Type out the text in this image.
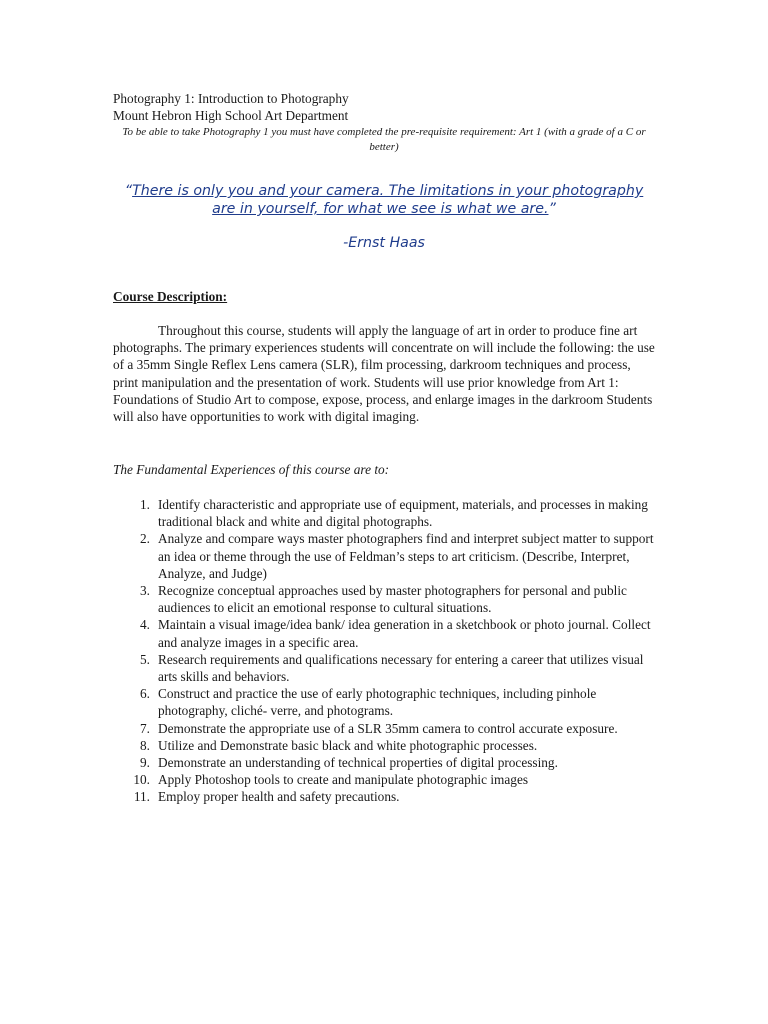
Photography 1: Introduction to Photography
Mount Hebron High School Art Department
To be able to take Photography 1 you must have completed the pre-requisite requirement: Art 1 (with a grade of a C or better)
“There is only you and your camera. The limitations in your photography are in yourself, for what we see is what we are.”
-Ernst Haas
Course Description:

Throughout this course, students will apply the language of art in order to produce fine art photographs. The primary experiences students will concentrate on will include the following: the use of a 35mm Single Reflex Lens camera (SLR), film processing, darkroom techniques and process, print manipulation and the presentation of work. Students will use prior knowledge from Art 1: Foundations of Studio Art to compose, expose, process, and enlarge images in the darkroom Students will also have opportunities to work with digital imaging.

The Fundamental Experiences of this course are to:
1. Identify characteristic and appropriate use of equipment, materials, and processes in making traditional black and white and digital photographs.
2. Analyze and compare ways master photographers find and interpret subject matter to support an idea or theme through the use of Feldman’s steps to art criticism. (Describe, Interpret, Analyze, and Judge)
3. Recognize conceptual approaches used by master photographers for personal and public audiences to elicit an emotional response to cultural situations.
4. Maintain a visual image/idea bank/ idea generation in a sketchbook or photo journal. Collect and analyze images in a specific area.
5. Research requirements and qualifications necessary for entering a career that utilizes visual arts skills and behaviors.
6. Construct and practice the use of early photographic techniques, including pinhole photography, cliché- verre, and photograms.
7. Demonstrate the appropriate use of a SLR 35mm camera to control accurate exposure.
8. Utilize and Demonstrate basic black and white photographic processes.
9. Demonstrate an understanding of technical properties of digital processing.
10. Apply Photoshop tools to create and manipulate photographic images
11. Employ proper health and safety precautions.
